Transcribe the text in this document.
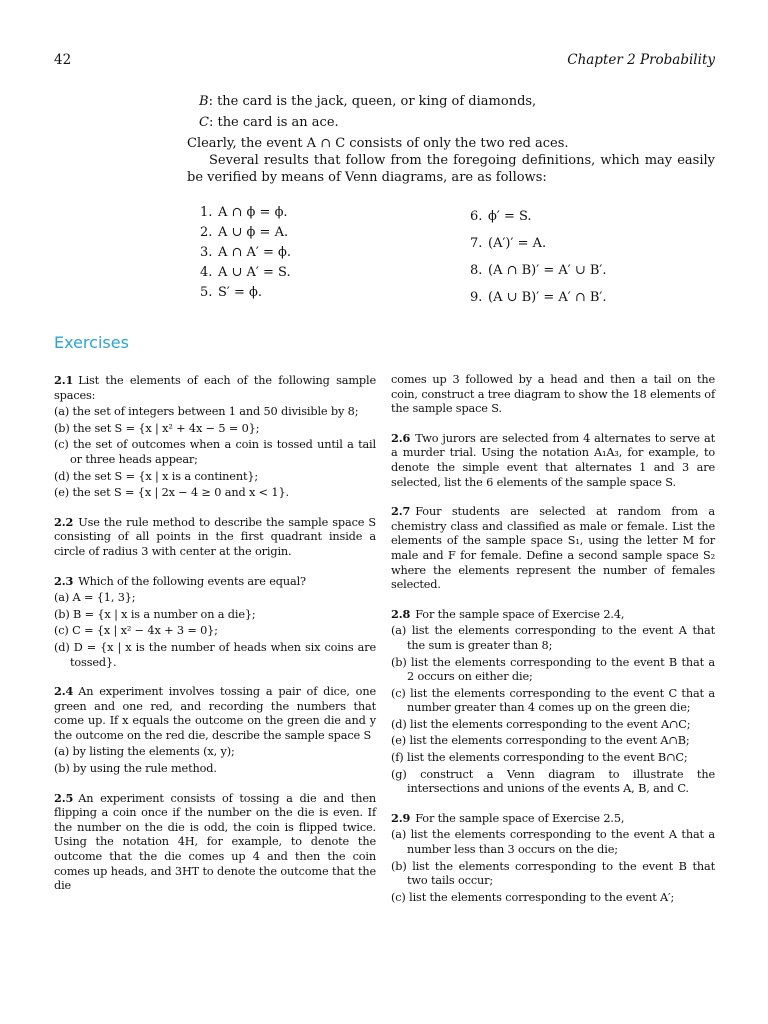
42	Chapter 2 Probability
B: the card is the jack, queen, or king of diamonds,
C: the card is an ace.

Clearly, the event A ∩ C consists of only the two red aces.

Several results that follow from the foregoing definitions, which may easily be verified by means of Venn diagrams, are as follows:

1. A ∩ ϕ = ϕ.
2. A ∪ ϕ = A.
3. A ∩ A′ = ϕ.
4. A ∪ A′ = S.
5. S′ = ϕ.
6. ϕ′ = S.
7. (A′)′ = A.
8. (A ∩ B)′ = A′ ∪ B′.
9. (A ∪ B)′ = A′ ∩ B′.
Exercises

2.1 List the elements of each of the following sample spaces:

(a) the set of integers between 1 and 50 divisible by 8;
(b) the set S = {x | x² + 4x − 5 = 0};
(c) the set of outcomes when a coin is tossed until a tail or three heads appear;
(d) the set S = {x | x is a continent};
(e) the set S = {x | 2x − 4 ≥ 0 and x < 1}.

2.2 Use the rule method to describe the sample space S consisting of all points in the first quadrant inside a circle of radius 3 with center at the origin.

2.3 Which of the following events are equal?

(a) A = {1, 3};
(b) B = {x | x is a number on a die};
(c) C = {x | x² − 4x + 3 = 0};
(d) D = {x | x is the number of heads when six coins are tossed}.

2.4 An experiment involves tossing a pair of dice, one green and one red, and recording the numbers that come up. If x equals the outcome on the green die and y the outcome on the red die, describe the sample space S

(a) by listing the elements (x, y);
(b) by using the rule method.

2.5 An experiment consists of tossing a die and then flipping a coin once if the number on the die is even. If the number on the die is odd, the coin is flipped twice. Using the notation 4H, for example, to denote the outcome that the die comes up 4 and then the coin comes up heads, and 3HT to denote the outcome that the die

comes up 3 followed by a head and then a tail on the coin, construct a tree diagram to show the 18 elements of the sample space S.

2.6 Two jurors are selected from 4 alternates to serve at a murder trial. Using the notation A₁A₃, for example, to denote the simple event that alternates 1 and 3 are selected, list the 6 elements of the sample space S.

2.7 Four students are selected at random from a chemistry class and classified as male or female. List the elements of the sample space S₁, using the letter M for male and F for female. Define a second sample space S₂ where the elements represent the number of females selected.

2.8 For the sample space of Exercise 2.4,

(a) list the elements corresponding to the event A that the sum is greater than 8;
(b) list the elements corresponding to the event B that a 2 occurs on either die;
(c) list the elements corresponding to the event C that a number greater than 4 comes up on the green die;
(d) list the elements corresponding to the event A∩C;
(e) list the elements corresponding to the event A∩B;
(f) list the elements corresponding to the event B∩C;
(g) construct a Venn diagram to illustrate the intersections and unions of the events A, B, and C.

2.9 For the sample space of Exercise 2.5,

(a) list the elements corresponding to the event A that a number less than 3 occurs on the die;
(b) list the elements corresponding to the event B that two tails occur;
(c) list the elements corresponding to the event A′;
